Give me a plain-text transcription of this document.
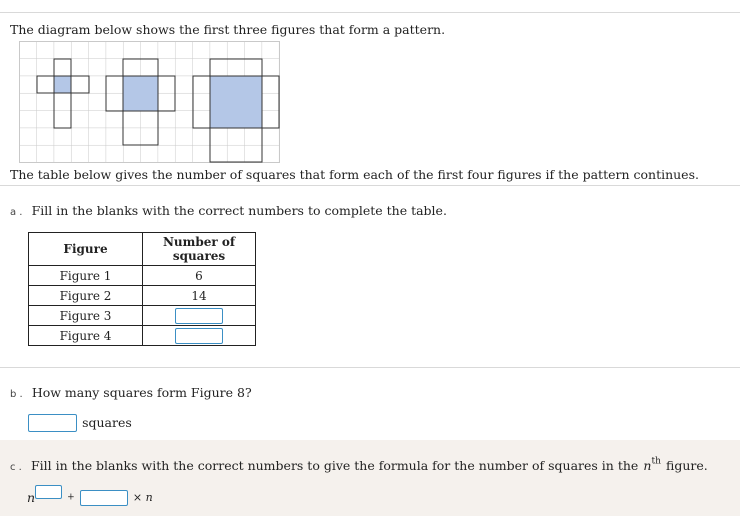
The diagram below shows the first three figures that form a pattern.
The table below gives the number of squares that form each of the first four figures if the pattern continues.
a . Fill in the blanks with the correct numbers to complete the table.
Figure	Number of squares
Figure 1	6
Figure 2	14
Figure 3	
Figure 4	
b . How many squares form Figure 8?
squares
c . Fill in the blanks with the correct numbers to give the formula for the number of squares in the $n^{th}$ figure.
n	+	× n
